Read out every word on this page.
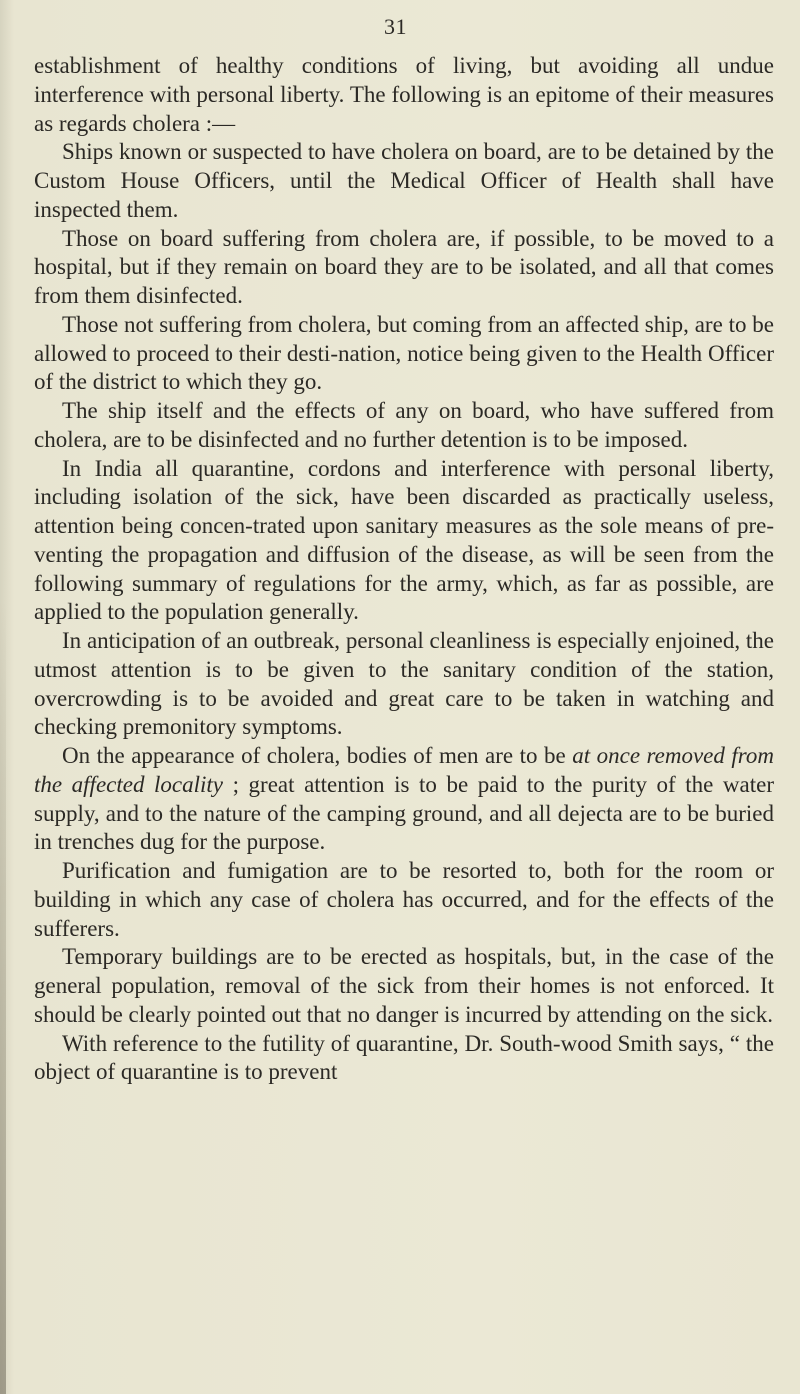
31

establishment of healthy conditions of living, but avoiding all undue interference with personal liberty. The following is an epitome of their measures as regards cholera :—

Ships known or suspected to have cholera on board, are to be detained by the Custom House Officers, until the Medical Officer of Health shall have inspected them.

Those on board suffering from cholera are, if possible, to be moved to a hospital, but if they remain on board they are to be isolated, and all that comes from them disinfected.

Those not suffering from cholera, but coming from an affected ship, are to be allowed to proceed to their desti-nation, notice being given to the Health Officer of the district to which they go.

The ship itself and the effects of any on board, who have suffered from cholera, are to be disinfected and no further detention is to be imposed.

In India all quarantine, cordons and interference with personal liberty, including isolation of the sick, have been discarded as practically useless, attention being concen-trated upon sanitary measures as the sole means of pre-venting the propagation and diffusion of the disease, as will be seen from the following summary of regulations for the army, which, as far as possible, are applied to the population generally.

In anticipation of an outbreak, personal cleanliness is especially enjoined, the utmost attention is to be given to the sanitary condition of the station, overcrowding is to be avoided and great care to be taken in watching and checking premonitory symptoms.

On the appearance of cholera, bodies of men are to be at once removed from the affected locality ; great attention is to be paid to the purity of the water supply, and to the nature of the camping ground, and all dejecta are to be buried in trenches dug for the purpose.

Purification and fumigation are to be resorted to, both for the room or building in which any case of cholera has occurred, and for the effects of the sufferers.

Temporary buildings are to be erected as hospitals, but, in the case of the general population, removal of the sick from their homes is not enforced. It should be clearly pointed out that no danger is incurred by attending on the sick.

With reference to the futility of quarantine, Dr. South-wood Smith says, “ the object of quarantine is to prevent
